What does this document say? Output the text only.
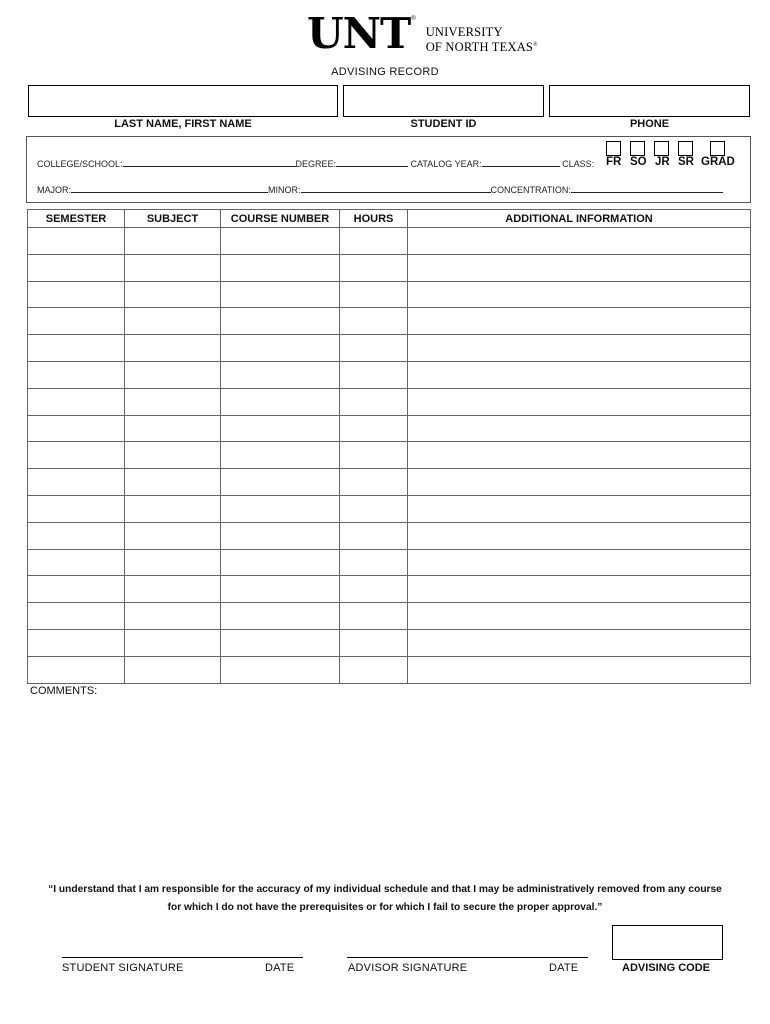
UNT ®
UNIVERSITY
OF NORTH TEXAS®
ADVISING RECORD
LAST NAME, FIRST NAME	STUDENT ID	PHONE
COLLEGE/SCHOOL:	DEGREE:	CATALOG YEAR:	CLASS: FR SO JR SR GRAD
MAJOR:	MINOR:	CONCENTRATION:
SEMESTER	SUBJECT	COURSE NUMBER	HOURS	ADDITIONAL INFORMATION

COMMENTS:
“I understand that I am responsible for the accuracy of my individual schedule and that I may be administratively removed from any course
for which I do not have the prerequisites or for which I fail to secure the proper approval.”
STUDENT SIGNATURE	DATE	ADVISOR SIGNATURE	DATE	ADVISING CODE
